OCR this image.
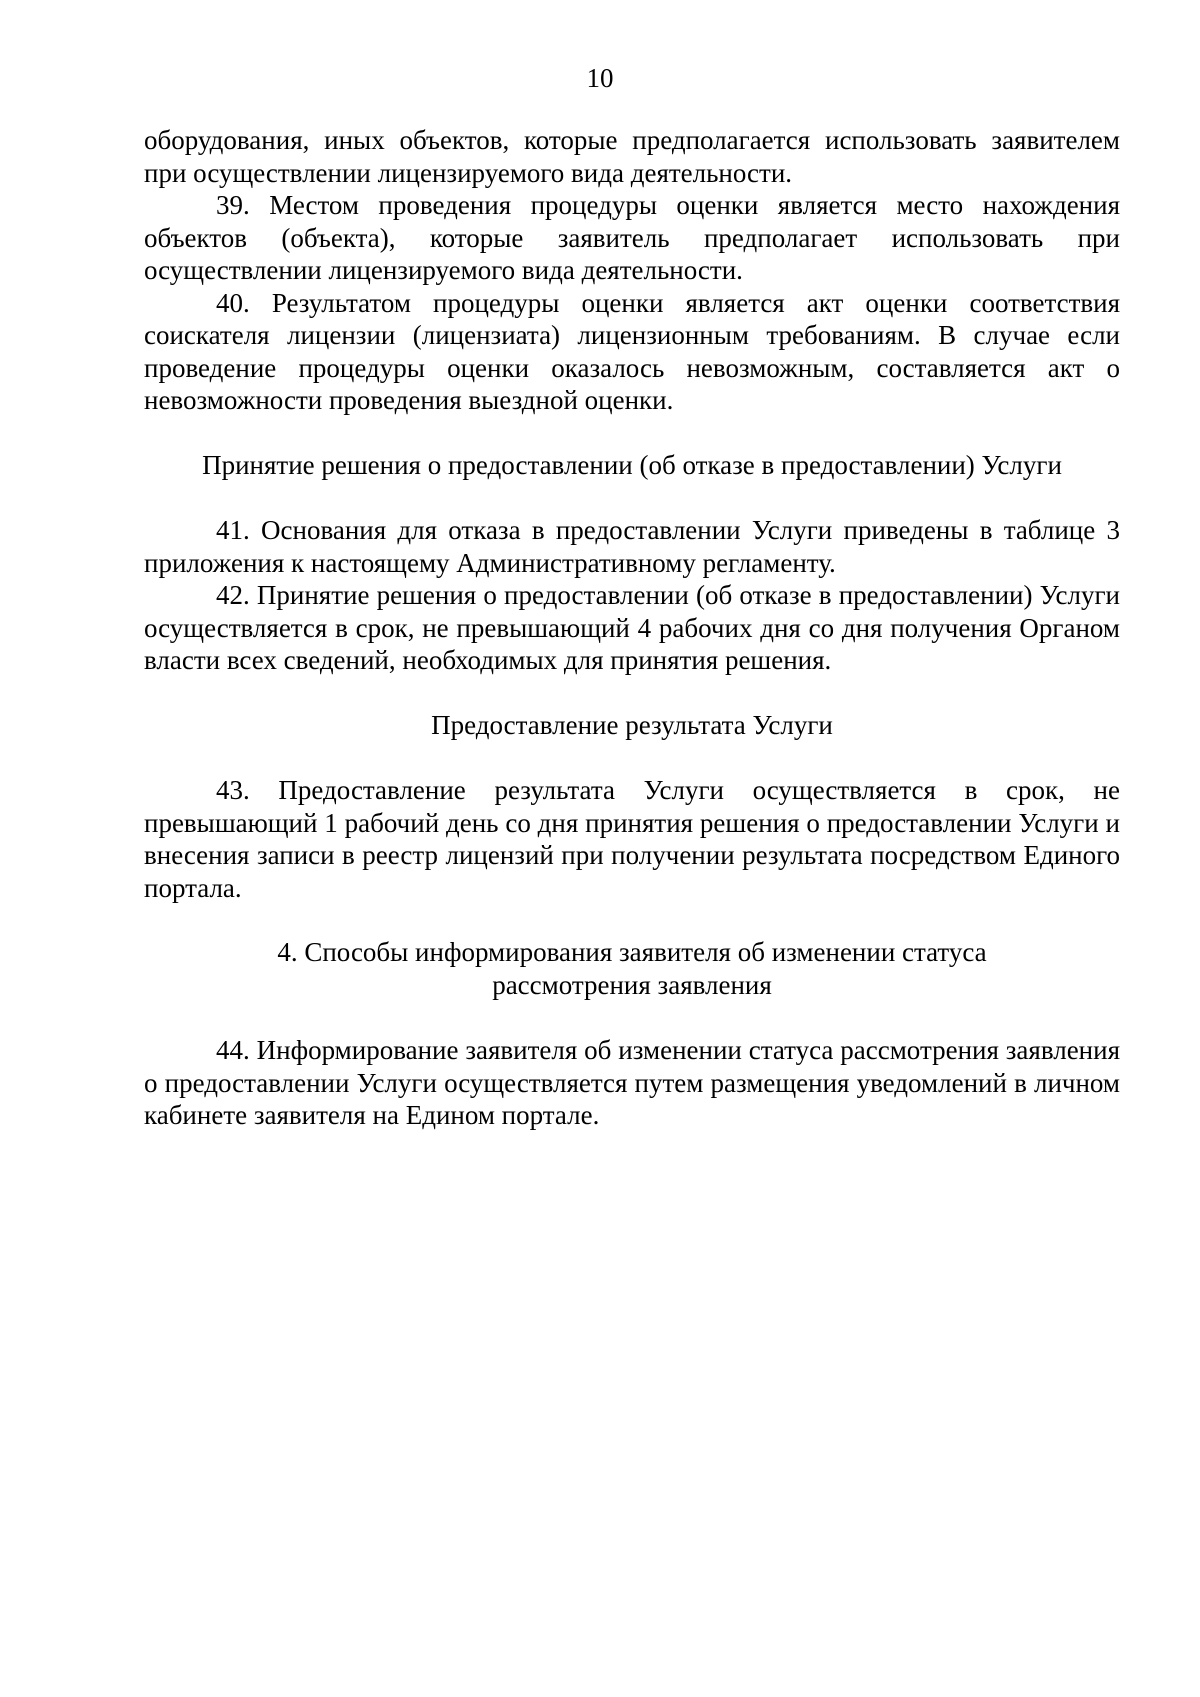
10

оборудования, иных объектов, которые предполагается использовать заявителем при осуществлении лицензируемого вида деятельности.

39. Местом проведения процедуры оценки является место нахождения объектов (объекта), которые заявитель предполагает использовать при осуществлении лицензируемого вида деятельности.

40. Результатом процедуры оценки является акт оценки соответствия соискателя лицензии (лицензиата) лицензионным требованиям. В случае если проведение процедуры оценки оказалось невозможным, составляется акт о невозможности проведения выездной оценки.

Принятие решения о предоставлении (об отказе в предоставлении) Услуги

41. Основания для отказа в предоставлении Услуги приведены в таблице 3 приложения к настоящему Административному регламенту.

42. Принятие решения о предоставлении (об отказе в предоставлении) Услуги осуществляется в срок, не превышающий 4 рабочих дня со дня получения Органом власти всех сведений, необходимых для принятия решения.

Предоставление результата Услуги

43. Предоставление результата Услуги осуществляется в срок, не превышающий 1 рабочий день со дня принятия решения о предоставлении Услуги и внесения записи в реестр лицензий при получении результата посредством Единого портала.

4. Способы информирования заявителя об изменении статуса

рассмотрения заявления

44. Информирование заявителя об изменении статуса рассмотрения заявления о предоставлении Услуги осуществляется путем размещения уведомлений в личном кабинете заявителя на Едином портале.
